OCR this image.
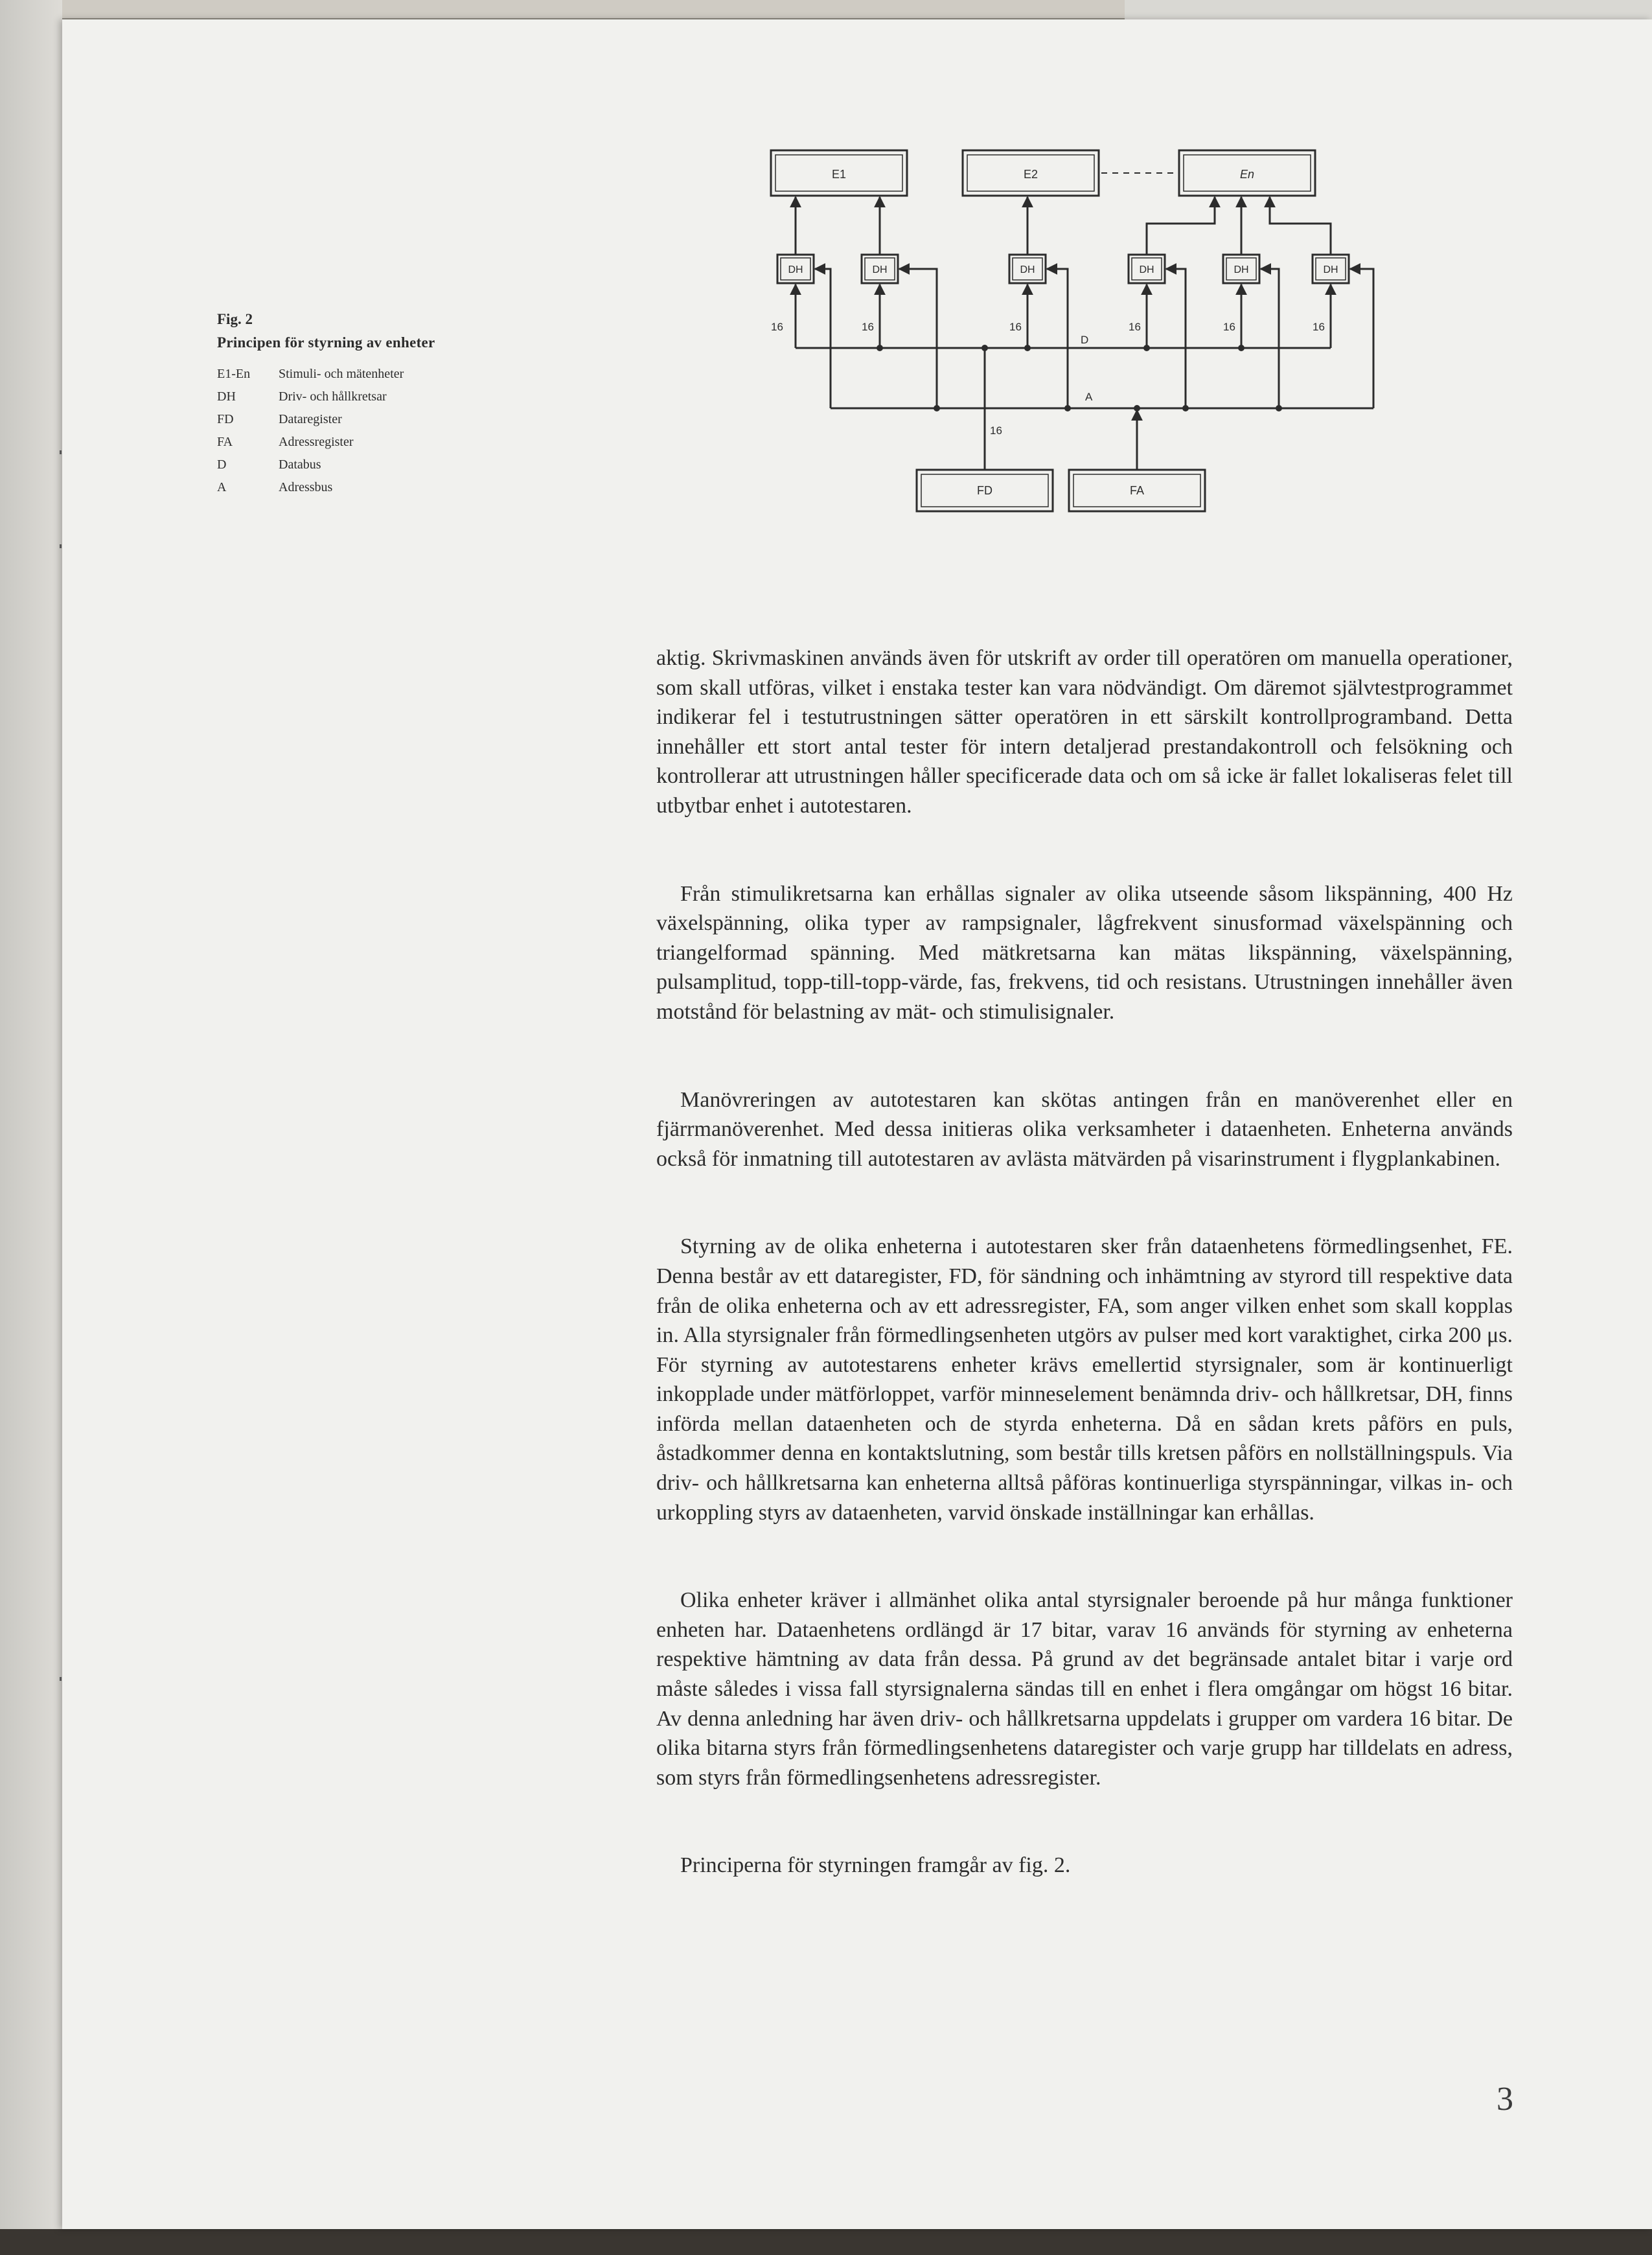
Fig. 2
Principen för styrning av enheter
E1-En	Stimuli- och mätenheter
DH	Driv- och hållkretsar
FD	Dataregister
FA	Adressregister
D	Databus
A	Adressbus
E1	E2	En
DH	DH	DH	DH	DH	DH
16	16	16	16	16	16
16
D
A
FD	FA

aktig. Skrivmaskinen används även för utskrift av order till operatören om manuella operationer, som skall utföras, vilket i enstaka tester kan vara nödvändigt. Om däremot självtestprogrammet indikerar fel i testutrustningen sätter operatören in ett särskilt kontrollprogramband. Detta innehåller ett stort antal tester för intern detaljerad prestandakontroll och felsökning och kontrollerar att utrustningen håller specificerade data och om så icke är fallet lokaliseras felet till utbytbar enhet i autotestaren.

Från stimulikretsarna kan erhållas signaler av olika utseende såsom likspänning, 400 Hz växelspänning, olika typer av rampsignaler, lågfrekvent sinusformad växelspänning och triangelformad spänning. Med mätkretsarna kan mätas likspänning, växelspänning, pulsamplitud, topp-till-topp-värde, fas, frekvens, tid och resistans. Utrustningen innehåller även motstånd för belastning av mät- och stimulisignaler.

Manövreringen av autotestaren kan skötas antingen från en manöverenhet eller en fjärrmanöverenhet. Med dessa initieras olika verksamheter i dataenheten. Enheterna används också för inmatning till autotestaren av avlästa mätvärden på visarinstrument i flygplankabinen.

Styrning av de olika enheterna i autotestaren sker från dataenhetens förmedlingsenhet, FE. Denna består av ett dataregister, FD, för sändning och inhämtning av styrord till respektive data från de olika enheterna och av ett adressregister, FA, som anger vilken enhet som skall kopplas in. Alla styrsignaler från förmedlingsenheten utgörs av pulser med kort varaktighet, cirka 200 μs. För styrning av autotestarens enheter krävs emellertid styrsignaler, som är kontinuerligt inkopplade under mätförloppet, varför minneselement benämnda driv- och hållkretsar, DH, finns införda mellan dataenheten och de styrda enheterna. Då en sådan krets påförs en puls, åstadkommer denna en kontaktslutning, som består tills kretsen påförs en nollställningspuls. Via driv- och hållkretsarna kan enheterna alltså påföras kontinuerliga styrspänningar, vilkas in- och urkoppling styrs av dataenheten, varvid önskade inställningar kan erhållas.

Olika enheter kräver i allmänhet olika antal styrsignaler beroende på hur många funktioner enheten har. Dataenhetens ordlängd är 17 bitar, varav 16 används för styrning av enheterna respektive hämtning av data från dessa. På grund av det begränsade antalet bitar i varje ord måste således i vissa fall styrsignalerna sändas till en enhet i flera omgångar om högst 16 bitar. Av denna anledning har även driv- och hållkretsarna uppdelats i grupper om vardera 16 bitar. De olika bitarna styrs från förmedlingsenhetens dataregister och varje grupp har tilldelats en adress, som styrs från förmedlingsenhetens adressregister.

Principerna för styrningen framgår av fig. 2.

3
